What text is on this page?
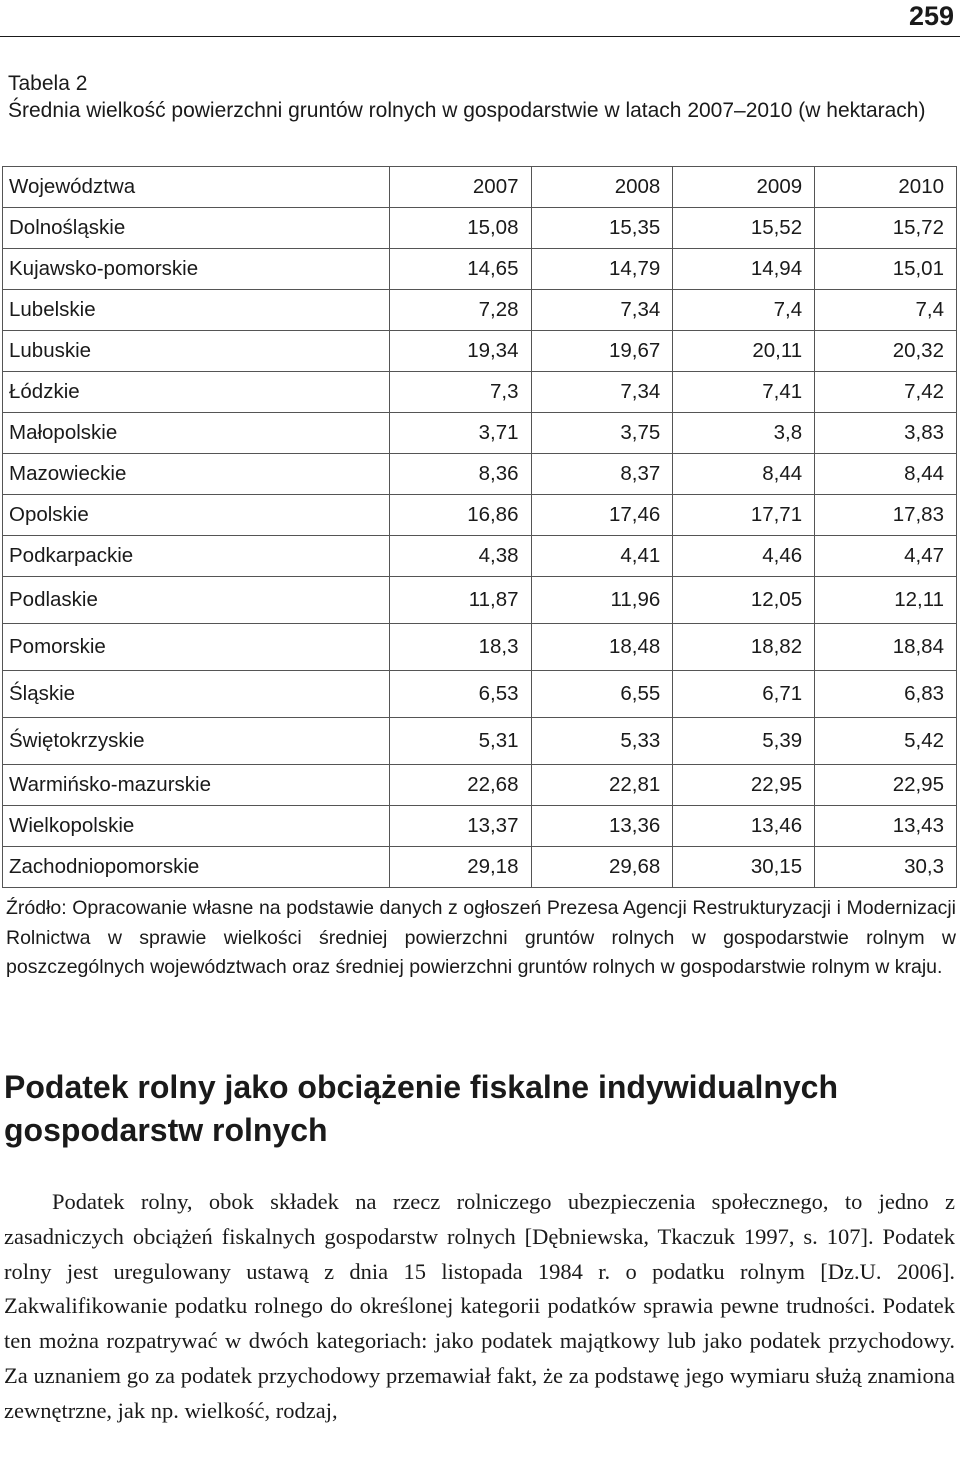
259
Tabela 2
Średnia wielkość powierzchni gruntów rolnych w gospodarstwie w latach 2007–2010 (w hektarach)
Województwa	2007	2008	2009	2010
Dolnośląskie	15,08	15,35	15,52	15,72
Kujawsko-pomorskie	14,65	14,79	14,94	15,01
Lubelskie	7,28	7,34	7,4	7,4
Lubuskie	19,34	19,67	20,11	20,32
Łódzkie	7,3	7,34	7,41	7,42
Małopolskie	3,71	3,75	3,8	3,83
Mazowieckie	8,36	8,37	8,44	8,44
Opolskie	16,86	17,46	17,71	17,83
Podkarpackie	4,38	4,41	4,46	4,47
Podlaskie	11,87	11,96	12,05	12,11
Pomorskie	18,3	18,48	18,82	18,84
Śląskie	6,53	6,55	6,71	6,83
Świętokrzyskie	5,31	5,33	5,39	5,42
Warmińsko-mazurskie	22,68	22,81	22,95	22,95
Wielkopolskie	13,37	13,36	13,46	13,43
Zachodniopomorskie	29,18	29,68	30,15	30,3
Źródło: Opracowanie własne na podstawie danych z ogłoszeń Prezesa Agencji Restrukturyzacji i Modernizacji Rolnictwa w sprawie wielkości średniej powierzchni gruntów rolnych w gospodarstwie rolnym w poszczególnych województwach oraz średniej powierzchni gruntów rolnych w gospodarstwie rolnym w kraju.
Podatek rolny jako obciążenie fiskalne indywidualnych gospodarstw rolnych

Podatek rolny, obok składek na rzecz rolniczego ubezpieczenia społecznego, to jedno z zasadniczych obciążeń fiskalnych gospodarstw rolnych [Dębniewska, Tkaczuk 1997, s. 107]. Podatek rolny jest uregulowany ustawą z dnia 15 listopada 1984 r. o podatku rolnym [Dz.U. 2006]. Zakwalifikowanie podatku rolnego do określonej kategorii podatków sprawia pewne trudności. Podatek ten można rozpatrywać w dwóch kategoriach: jako podatek majątkowy lub jako podatek przychodowy. Za uznaniem go za podatek przychodowy przemawiał fakt, że za podstawę jego wymiaru służą znamiona zewnętrzne, jak np. wielkość, rodzaj,
